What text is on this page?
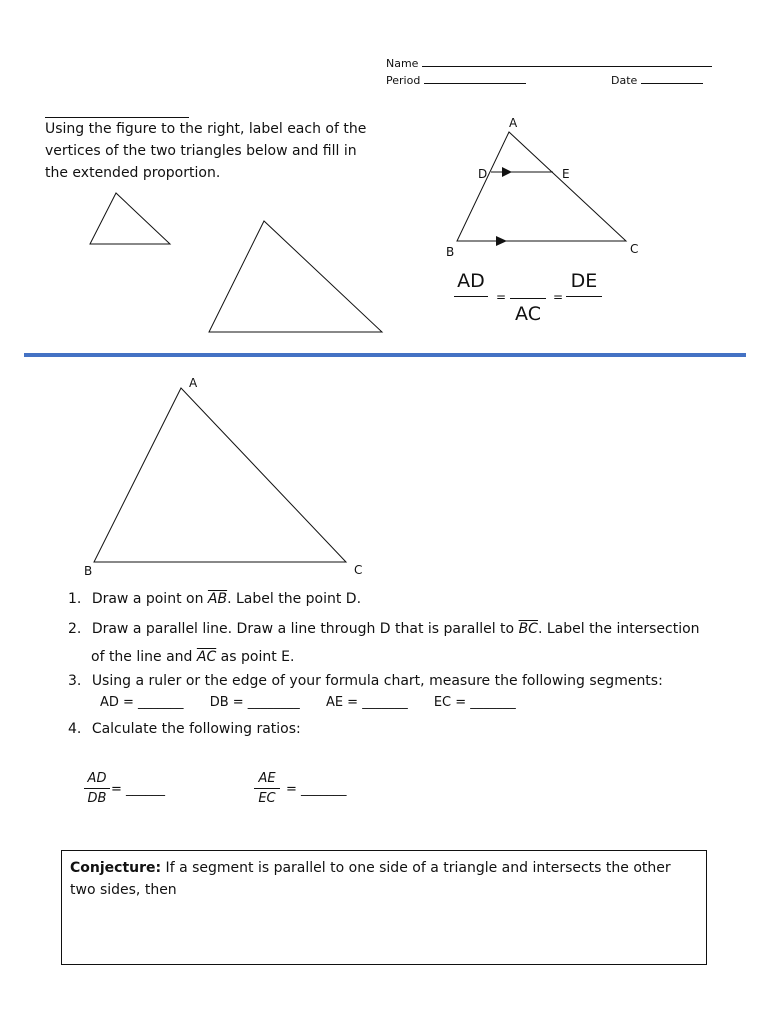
Name
Period	Date
Using the figure to the right, label each of the
vertices of the two triangles below and fill in
the extended proportion.
A
D	E
B	C
A
B	C
AD
=
AC
=
DE
1. Draw a point on $\overline{AB}$. Label the point D.
2. Draw a parallel line. Draw a line through D that is parallel to $\overline{BC}$. Label the intersection
of the line and $\overline{AC}$ as point E.
3. Using a ruler or the edge of your formula chart, measure the following segments:
AD = _______ DB = ________ AE = _______ EC = _______
4. Calculate the following ratios:
AD
DB
= ______
AE
EC
= _______
Conjecture: If a segment is parallel to one side of a triangle and intersects the other
two sides, then
